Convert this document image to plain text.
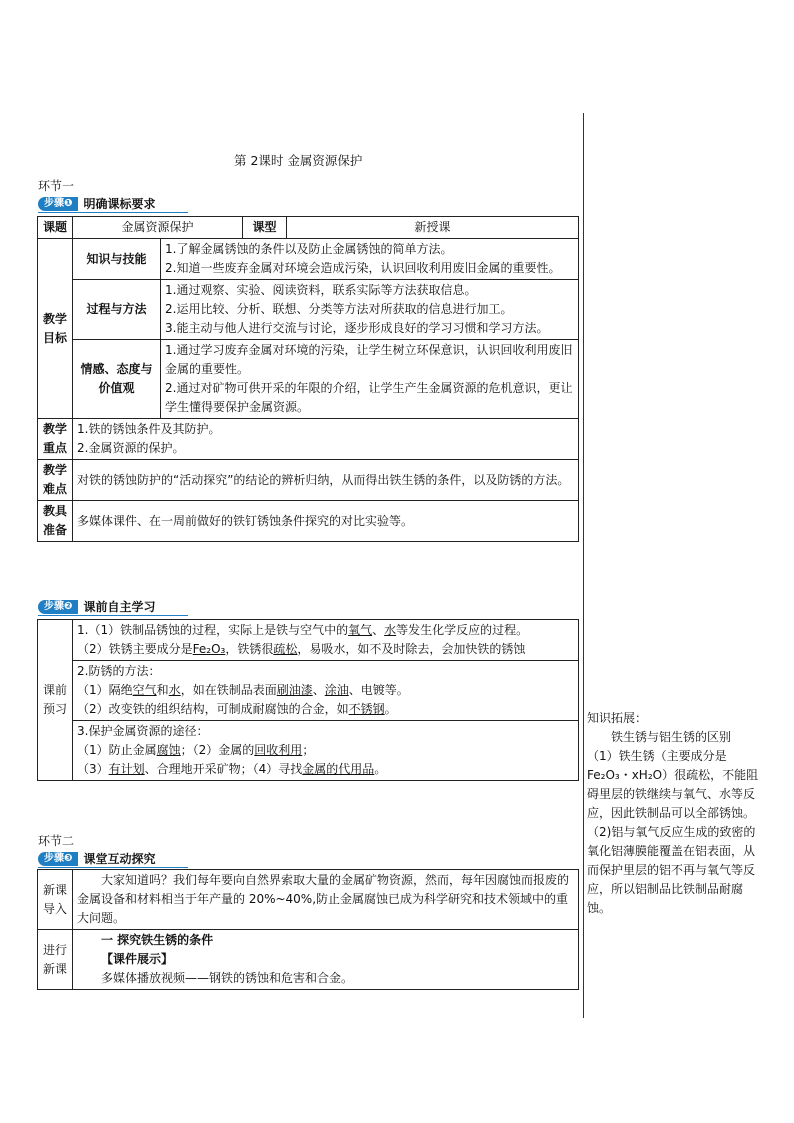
第 2课时 金属资源保护
环节一
步骤❶ 明确课标要求
课题	金属资源保护		课型	新授课
教学目标	知识与技能	1.了解金属锈蚀的条件以及防止金属锈蚀的简单方法。
2.知道一些废弃金属对环境会造成污染，认识回收利用废旧金属的重要性。		

	过程与方法	1.通过观察、实验、阅读资料，联系实际等方法获取信息。
2.运用比较、分析、联想、分类等方法对所获取的信息进行加工。
3.能主动与他人进行交流与讨论，逐步形成良好的学习习惯和学习方法。		

	情感、态度与价值观	1.通过学习废弃金属对环境的污染，让学生树立环保意识，认识回收利用废旧金属的重要性。
2.通过对矿物可供开采的年限的介绍，让学生产生金属资源的危机意识，更让学生懂得要保护金属资源。		

教学重点	1.铁的锈蚀条件及其防护。
2.金属资源的保护。			

教学难点	对铁的锈蚀防护的“活动探究”的结论的辨析归纳，从而得出铁生锈的条件，以及防锈的方法。			
教具准备	多媒体课件、在一周前做好的铁钉锈蚀条件探究的对比实验等。			
步骤❷ 课前自主学习
课前预习	
1.（1）铁制品锈蚀的过程，实际上是铁与空气中的氧气、水等发生化学反应的过程。
（2）铁锈主要成分是Fe₂O₃，铁锈很疏松，易吸水，如不及时除去，会加快铁的锈蚀

2.防锈的方法：
（1）隔绝空气和水，如在铁制品表面刷油漆、涂油、电镀等。
（2）改变铁的组织结构，可制成耐腐蚀的合金，如不锈钢。

3.保护金属资源的途径：
（1）防止金属腐蚀；（2）金属的回收利用；
（3）有计划、合理地开采矿物；（4）寻找金属的代用品。
环节二
步骤❸ 课堂互动探究
新课导入	大家知道吗？我们每年要向自然界索取大量的金属矿物资源，然而，每年因腐蚀而报废的金属设备和材料相当于年产量的 20%~40%,防止金属腐蚀已成为科学研究和技术领域中的重大问题。
进行新课	一 探究铁生锈的条件
【课件展示】
多媒体播放视频——钢铁的锈蚀和危害和合金。

知识拓展：

铁生锈与铝生锈的区别

（1）铁生锈（主要成分是Fe₂O₃・xH₂O）很疏松，不能阻碍里层的铁继续与氧气、水等反应，因此铁制品可以全部锈蚀。

（2)铝与氧气反应生成的致密的氧化铝薄膜能覆盖在铝表面，从而保护里层的铝不再与氧气等反应，所以铝制品比铁制品耐腐蚀。
